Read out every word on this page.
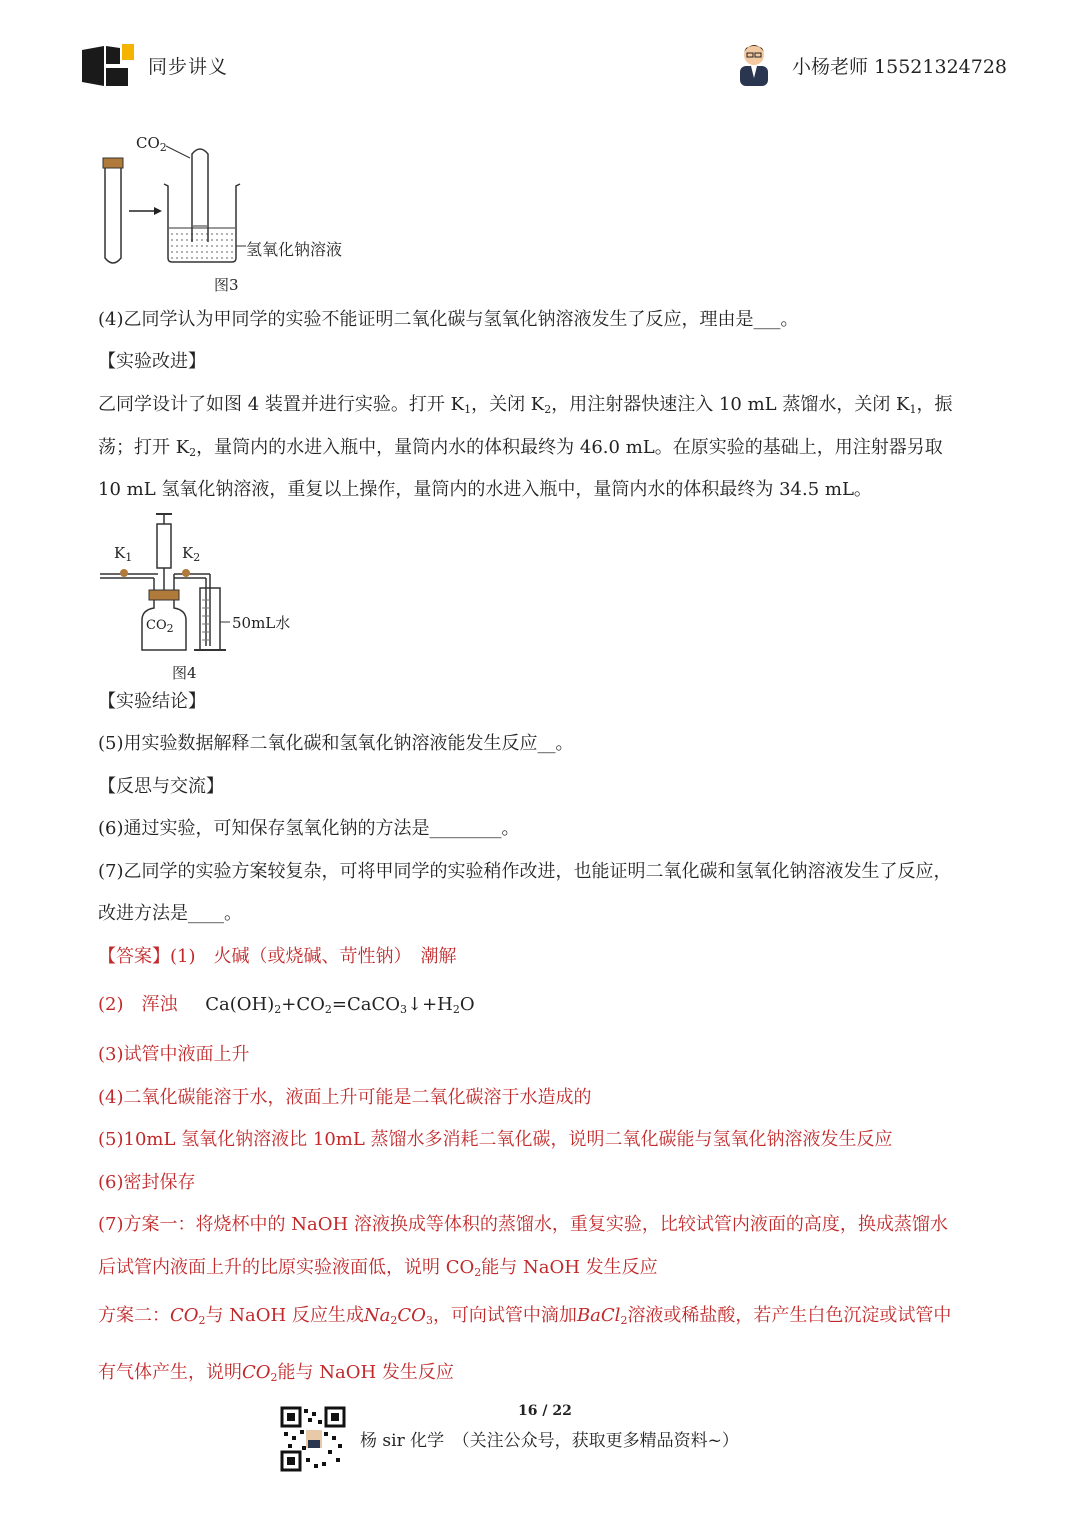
同步讲义	小杨老师 15521324728
$CO_2$
氢氧化钠溶液
图3
(4)乙同学认为甲同学的实验不能证明二氧化碳与氢氧化钠溶液发生了反应，理由是___。
【实验改进】
乙同学设计了如图 4 装置并进行实验。打开 $K_1$，关闭 $K_2$，用注射器快速注入 10 mL 蒸馏水，关闭 $K_1$，振
荡；打开 $K_2$，量筒内的水进入瓶中，量筒内水的体积最终为 46.0 mL。在原实验的基础上，用注射器另取
10 mL 氢氧化钠溶液，重复以上操作，量筒内的水进入瓶中，量筒内水的体积最终为 34.5 mL。
$K_1$	$K_2$
$CO_2$	50mL水
图4
【实验结论】
(5)用实验数据解释二氧化碳和氢氧化钠溶液能发生反应__。
【反思与交流】
(6)通过实验，可知保存氢氧化钠的方法是________。
(7)乙同学的实验方案较复杂，可将甲同学的实验稍作改进，也能证明二氧化碳和氢氧化钠溶液发生了反应，
改进方法是____。
【答案】(1)　火碱（或烧碱、苛性钠）　潮解
(2)　浑浊 $Ca(OH)_2+CO_2=CaCO_3↓+H_2O$
(3)试管中液面上升
(4)二氧化碳能溶于水，液面上升可能是二氧化碳溶于水造成的
(5)10mL 氢氧化钠溶液比 10mL 蒸馏水多消耗二氧化碳，说明二氧化碳能与氢氧化钠溶液发生反应
(6)密封保存
(7)方案一：将烧杯中的 NaOH 溶液换成等体积的蒸馏水，重复实验，比较试管内液面的高度，换成蒸馏水
后试管内液面上升的比原实验液面低，说明 $CO_2$能与 NaOH 发生反应
方案二：$CO_2$与 NaOH 反应生成$Na_2CO_3$，可向试管中滴加BaCl$_2$溶液或稀盐酸，若产生白色沉淀或试管中
有气体产生，说明$CO_2$能与 NaOH 发生反应
16 / 22
杨 sir 化学　（关注公众号，获取更多精品资料~）
